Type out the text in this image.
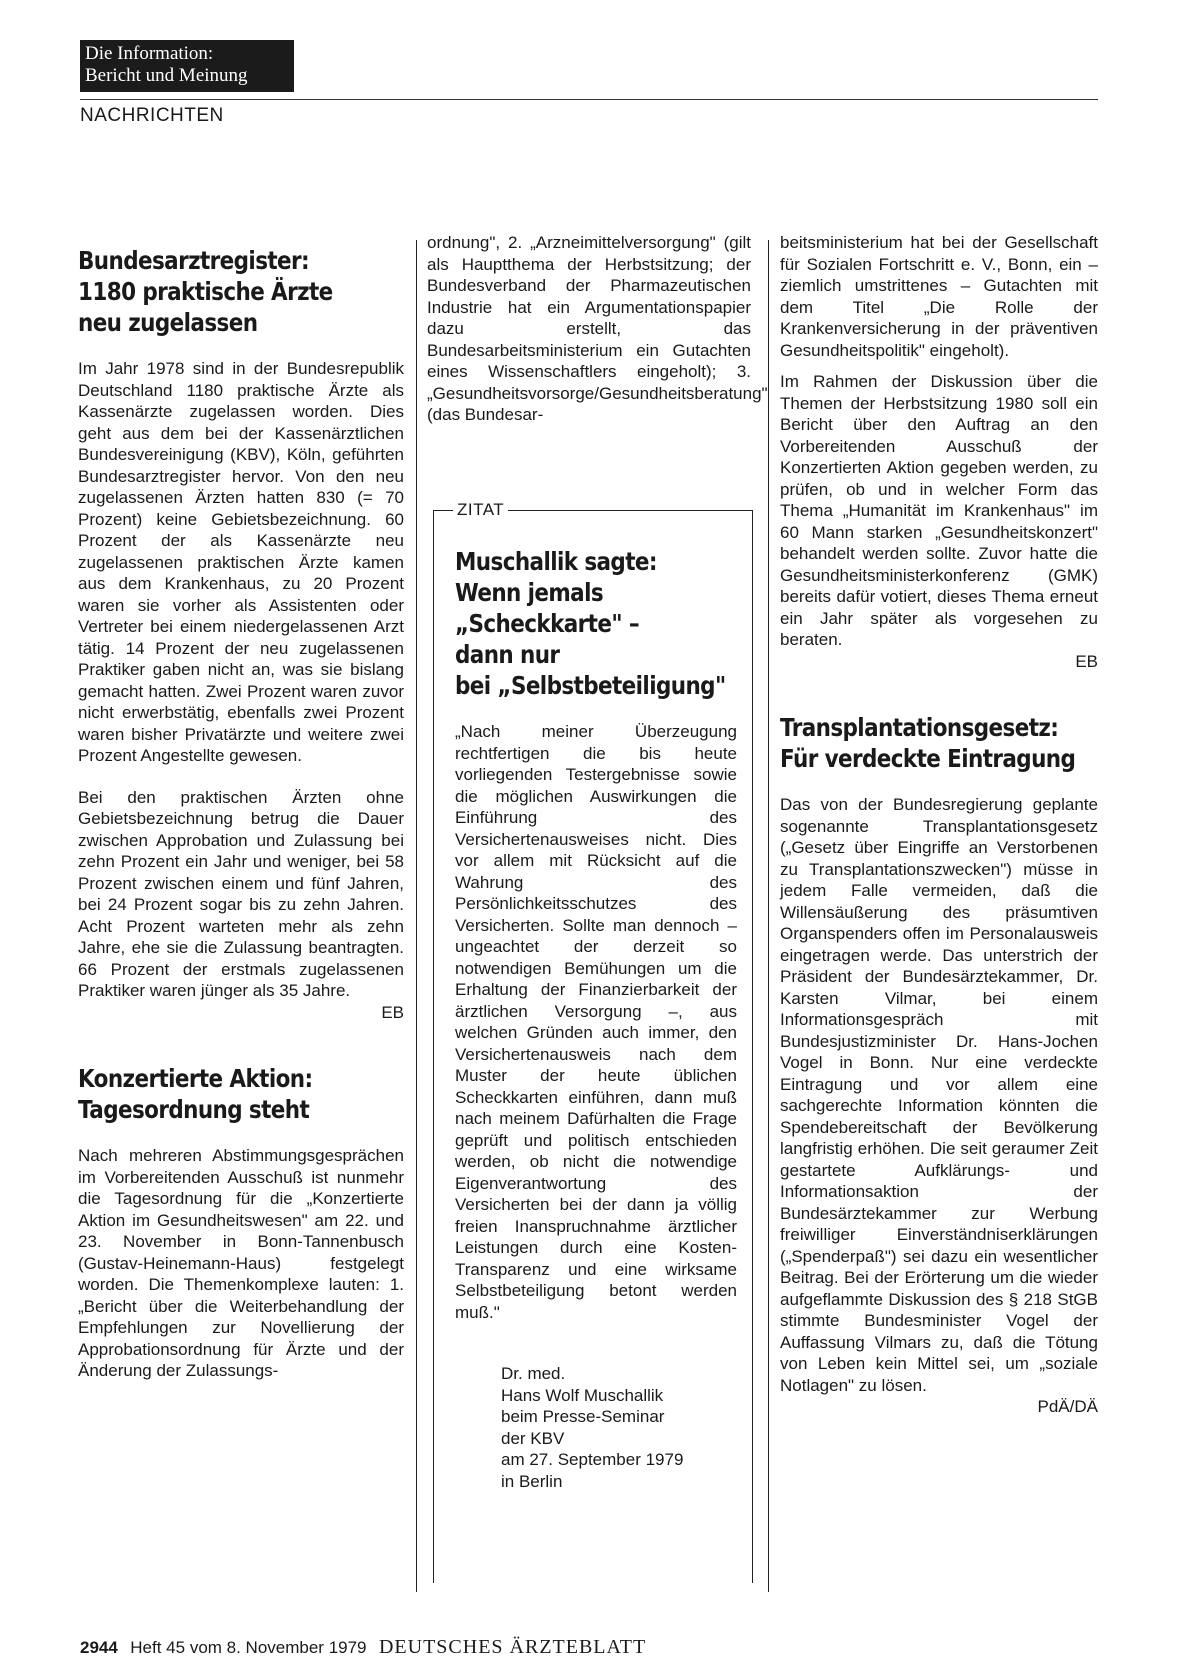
Die Information:
Bericht und Meinung
NACHRICHTEN
Bundesarztregister:
1180 praktische Ärzte
neu zugelassen

Im Jahr 1978 sind in der Bundesrepublik Deutschland 1180 praktische Ärzte als Kassenärzte zugelassen worden. Dies geht aus dem bei der Kassenärztlichen Bundesvereinigung (KBV), Köln, geführten Bundesarztregister hervor. Von den neu zugelassenen Ärzten hatten 830 (= 70 Prozent) keine Gebietsbezeichnung. 60 Prozent der als Kassenärzte neu zugelassenen praktischen Ärzte kamen aus dem Krankenhaus, zu 20 Prozent waren sie vorher als Assistenten oder Vertreter bei einem niedergelassenen Arzt tätig. 14 Prozent der neu zugelassenen Praktiker gaben nicht an, was sie bislang gemacht hatten. Zwei Prozent waren zuvor nicht erwerbstätig, ebenfalls zwei Prozent waren bisher Privatärzte und weitere zwei Prozent Angestellte gewesen.

Bei den praktischen Ärzten ohne Gebietsbezeichnung betrug die Dauer zwischen Approbation und Zulassung bei zehn Prozent ein Jahr und weniger, bei 58 Prozent zwischen einem und fünf Jahren, bei 24 Prozent sogar bis zu zehn Jahren. Acht Prozent warteten mehr als zehn Jahre, ehe sie die Zulassung beantragten. 66 Prozent der erstmals zugelassenen Praktiker waren jünger als 35 Jahre.

EB
Konzertierte Aktion:
Tagesordnung steht

Nach mehreren Abstimmungsgesprächen im Vorbereitenden Ausschuß ist nunmehr die Tagesordnung für die „Konzertierte Aktion im Gesundheitswesen" am 22. und 23. November in Bonn-Tannenbusch (Gustav-Heinemann-Haus) festgelegt worden. Die Themenkomplexe lauten: 1. „Bericht über die Weiterbehandlung der Empfehlungen zur Novellierung der Approbationsordnung für Ärzte und der Änderung der Zulassungs-

ordnung", 2. „Arzneimittelversorgung" (gilt als Hauptthema der Herbstsitzung; der Bundesverband der Pharmazeutischen Industrie hat ein Argumentationspapier dazu erstellt, das Bundesarbeitsministerium ein Gutachten eines Wissenschaftlers eingeholt); 3. „Gesundheitsvorsorge/Gesundheitsberatung" (das Bundesar-

ZITAT
Muschallik sagte:
Wenn jemals
„Scheckkarte" –
dann nur
bei „Selbstbeteiligung"

„Nach meiner Überzeugung rechtfertigen die bis heute vorliegenden Testergebnisse sowie die möglichen Auswirkungen die Einführung des Versichertenausweises nicht. Dies vor allem mit Rücksicht auf die Wahrung des Persönlichkeitsschutzes des Versicherten. Sollte man dennoch – ungeachtet der derzeit so notwendigen Bemühungen um die Erhaltung der Finanzierbarkeit der ärztlichen Versorgung –, aus welchen Gründen auch immer, den Versichertenausweis nach dem Muster der heute üblichen Scheckkarten einführen, dann muß nach meinem Dafürhalten die Frage geprüft und politisch entschieden werden, ob nicht die notwendige Eigenverantwortung des Versicherten bei der dann ja völlig freien Inanspruchnahme ärztlicher Leistungen durch eine Kosten-Transparenz und eine wirksame Selbstbeteiligung betont werden muß."

Dr. med.
Hans Wolf Muschallik
beim Presse-Seminar
der KBV
am 27. September 1979
in Berlin

beitsministerium hat bei der Gesellschaft für Sozialen Fortschritt e. V., Bonn, ein – ziemlich umstrittenes – Gutachten mit dem Titel „Die Rolle der Krankenversicherung in der präventiven Gesundheitspolitik" eingeholt).

Im Rahmen der Diskussion über die Themen der Herbstsitzung 1980 soll ein Bericht über den Auftrag an den Vorbereitenden Ausschuß der Konzertierten Aktion gegeben werden, zu prüfen, ob und in welcher Form das Thema „Humanität im Krankenhaus" im 60 Mann starken „Gesundheitskonzert" behandelt werden sollte. Zuvor hatte die Gesundheitsministerkonferenz (GMK) bereits dafür votiert, dieses Thema erneut ein Jahr später als vorgesehen zu beraten.

EB
Transplantationsgesetz:
Für verdeckte Eintragung

Das von der Bundesregierung geplante sogenannte Transplantationsgesetz („Gesetz über Eingriffe an Verstorbenen zu Transplantationszwecken") müsse in jedem Falle vermeiden, daß die Willensäußerung des präsumtiven Organspenders offen im Personalausweis eingetragen werde. Das unterstrich der Präsident der Bundesärztekammer, Dr. Karsten Vilmar, bei einem Informationsgespräch mit Bundesjustizminister Dr. Hans-Jochen Vogel in Bonn. Nur eine verdeckte Eintragung und vor allem eine sachgerechte Information könnten die Spendebereitschaft der Bevölkerung langfristig erhöhen. Die seit geraumer Zeit gestartete Aufklärungs- und Informationsaktion der Bundesärztekammer zur Werbung freiwilliger Einverständniserklärungen („Spenderpaß") sei dazu ein wesentlicher Beitrag. Bei der Erörterung um die wieder aufgeflammte Diskussion des § 218 StGB stimmte Bundesminister Vogel der Auffassung Vilmars zu, daß die Tötung von Leben kein Mittel sei, um „soziale Notlagen" zu lösen.

PdÄ/DÄ
2944 Heft 45 vom 8. November 1979 DEUTSCHES ÄRZTEBLATT
